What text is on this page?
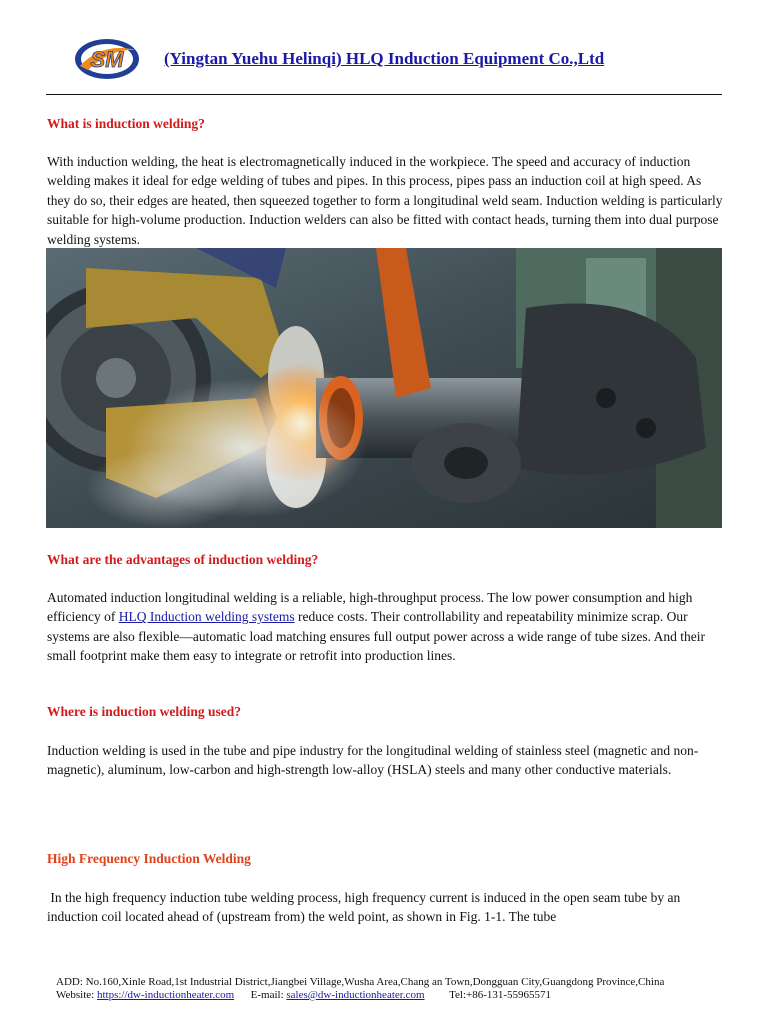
SM (Yingtan Yuehu Helinqi) HLQ Induction Equipment Co.,Ltd
What is induction welding?

With induction welding, the heat is electromagnetically induced in the workpiece. The speed and accuracy of induction welding makes it ideal for edge welding of tubes and pipes. In this process, pipes pass an induction coil at high speed. As they do so, their edges are heated, then squeezed together to form a longitudinal weld seam. Induction welding is particularly suitable for high-volume production. Induction welders can also be fitted with contact heads, turning them into dual purpose welding systems.

What are the advantages of induction welding?

Automated induction longitudinal welding is a reliable, high-throughput process. The low power consumption and high efficiency of HLQ Induction welding systems reduce costs. Their controllability and repeatability minimize scrap. Our systems are also flexible—automatic load matching ensures full output power across a wide range of tube sizes. And their small footprint make them easy to integrate or retrofit into production lines.

Where is induction welding used?

Induction welding is used in the tube and pipe industry for the longitudinal welding of stainless steel (magnetic and non-magnetic), aluminum, low-carbon and high-strength low-alloy (HSLA) steels and many other conductive materials.

High Frequency Induction Welding

In the high frequency induction tube welding process, high frequency current is induced in the open seam tube by an induction coil located ahead of (upstream from) the weld point, as shown in Fig. 1-1. The tube

ADD: No.160,Xinle Road,1st Industrial District,Jiangbei Village,Wusha Area,Chang an Town,Dongguan City,Guangdong Province,China
Website: https://dw-inductionheater.com E-mail: sales@dw-inductionheater.com Tel:+86-131-55965571
